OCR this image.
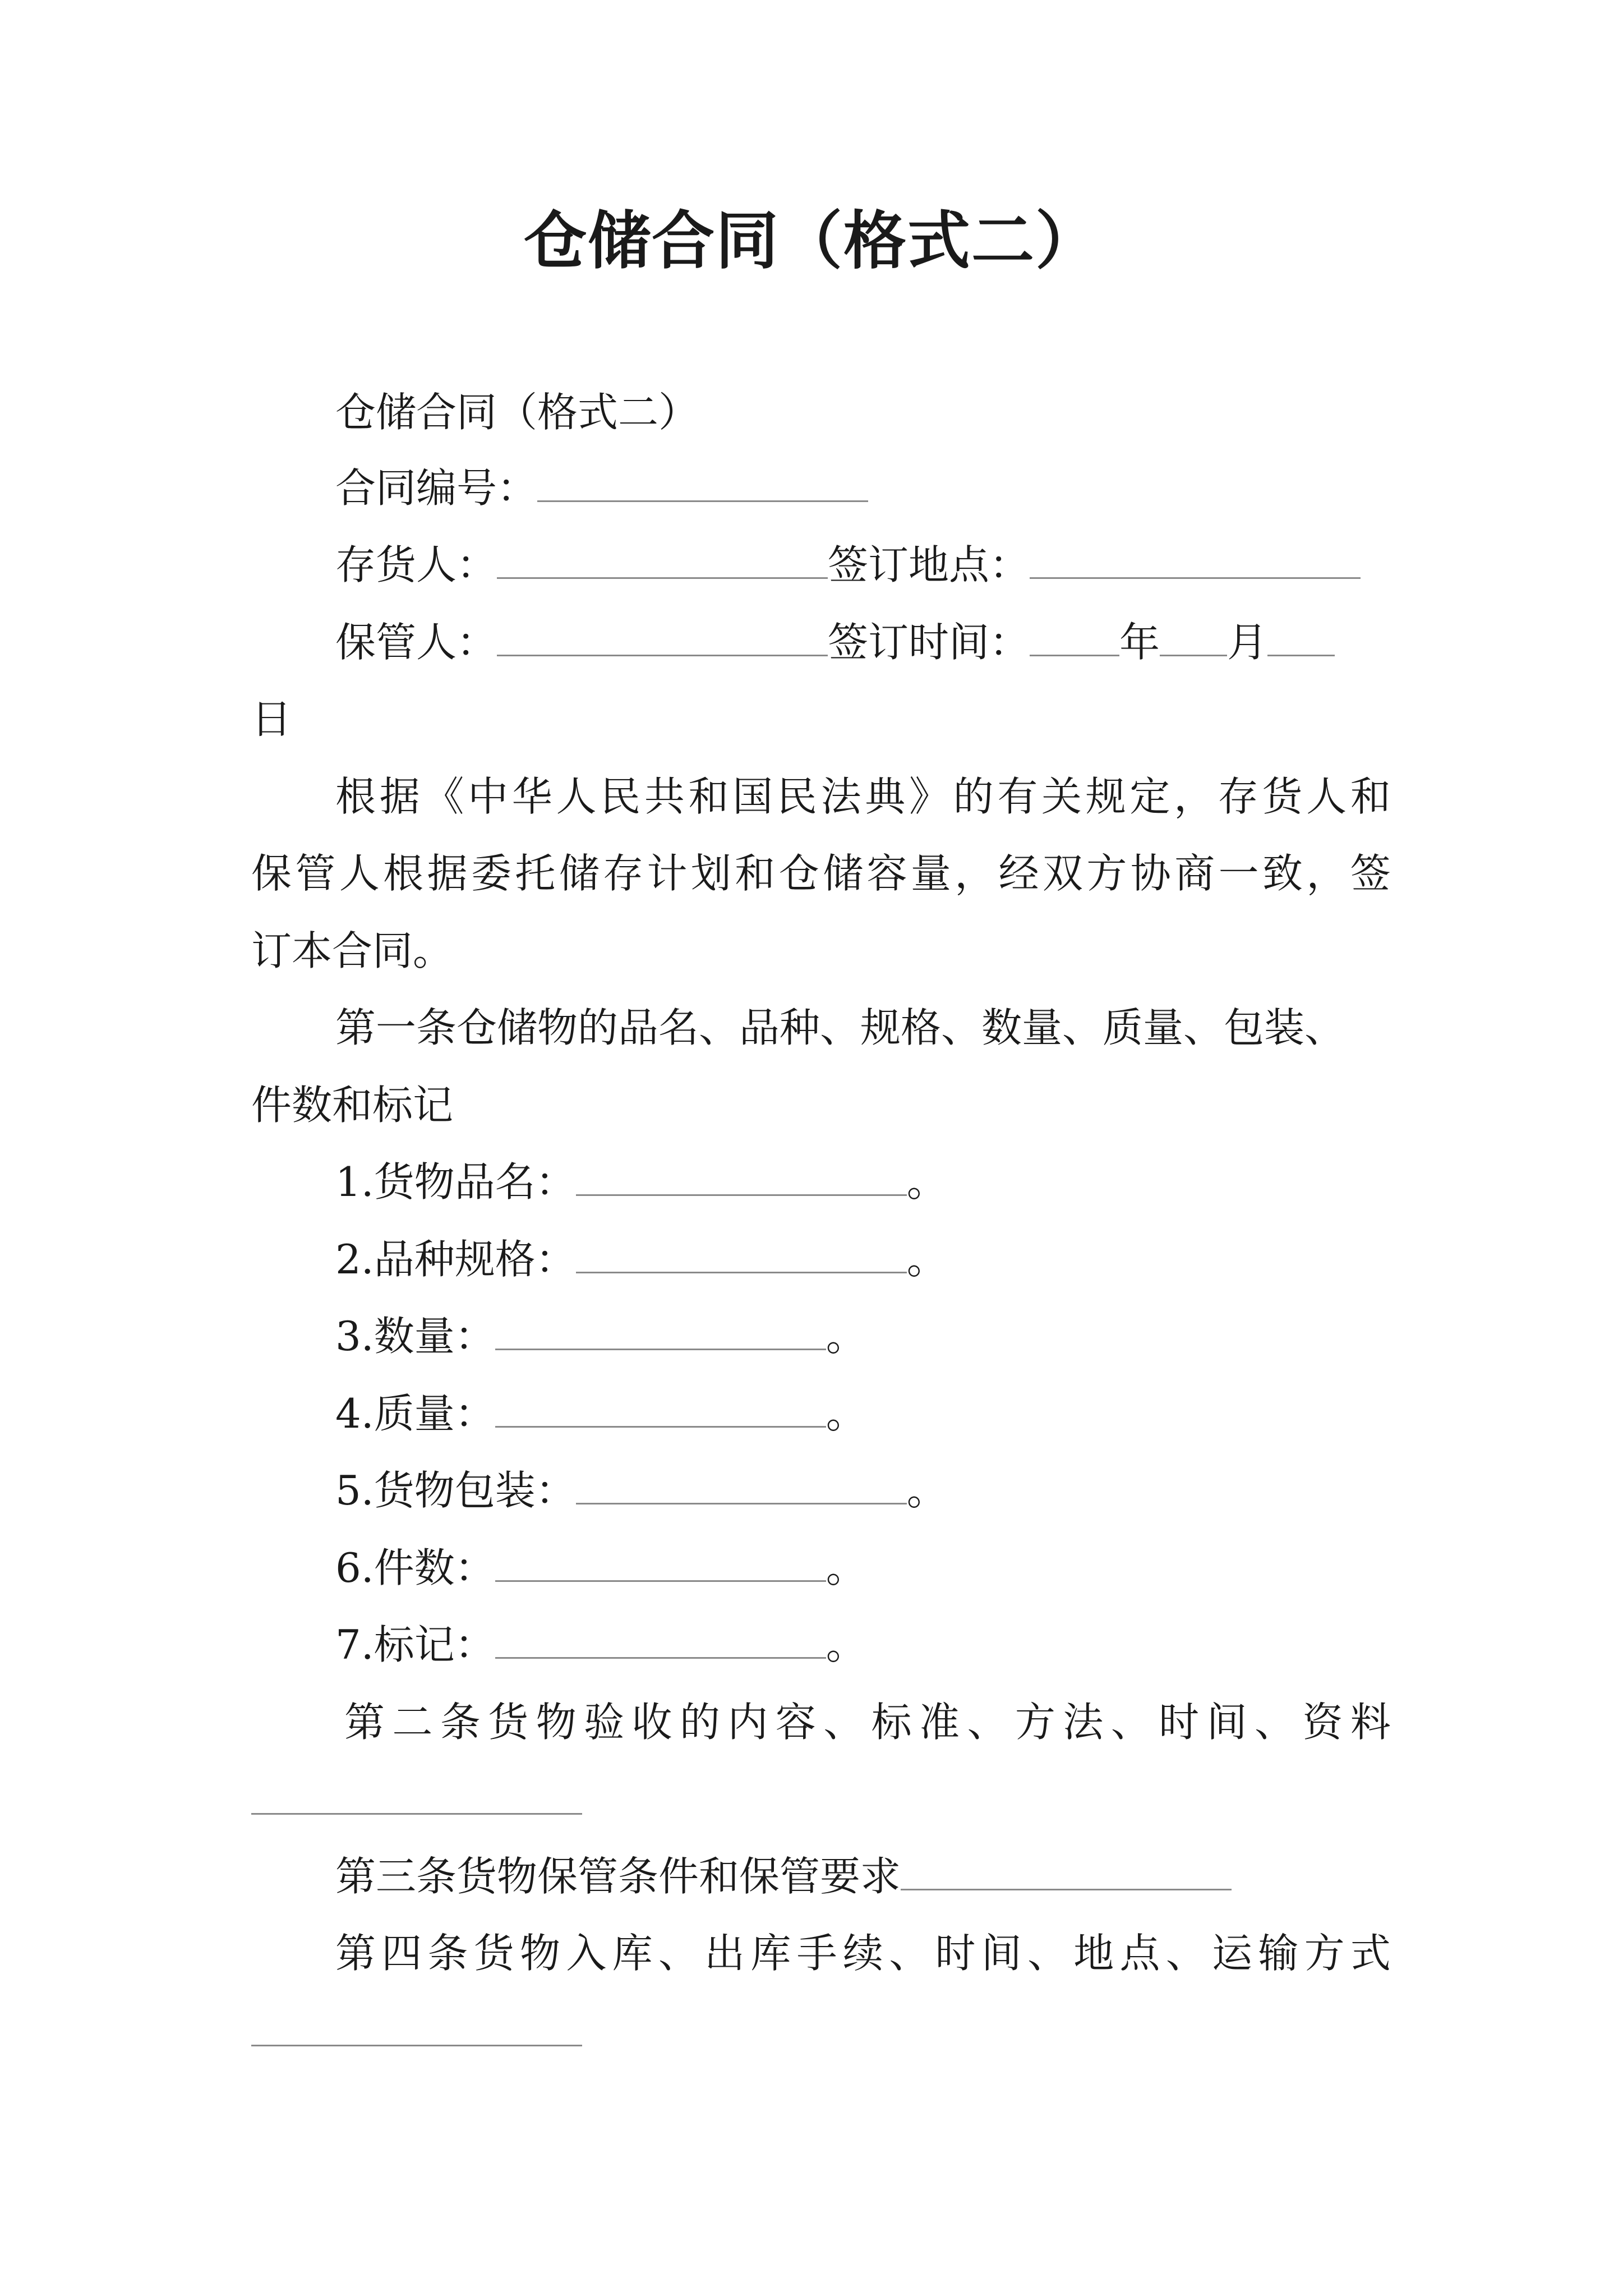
仓储合同（格式二）
仓储合同（格式二）
合同编号：
存货人：	签订地点：
保管人：	签订时间： 年 月
日
根 据 《 中 华 人 民 共 和 国 民 法 典 》 的 有 关 规 定 ， 存 货 人 和
保 管 人 根 据 委 托 储 存 计 划 和 仓 储 容 量 ， 经 双 方 协 商 一 致 ， 签
订本合同。
第一条仓储物的品名、品种、规格、数量、质量、包装、
件数和标记
1.货物品名：	。
2.品种规格：	。
3.数量：	。
4.质量：	。
5.货物包装：	。
6.件数：	。
7.标记：	。
第 二 条 货 物 验 收 的 内 容 、 标 准 、 方 法 、 时 间 、 资 料
第三条货物保管条件和保管要求
第 四 条 货 物 入 库 、 出 库 手 续 、 时 间 、 地 点 、 运 输 方 式
